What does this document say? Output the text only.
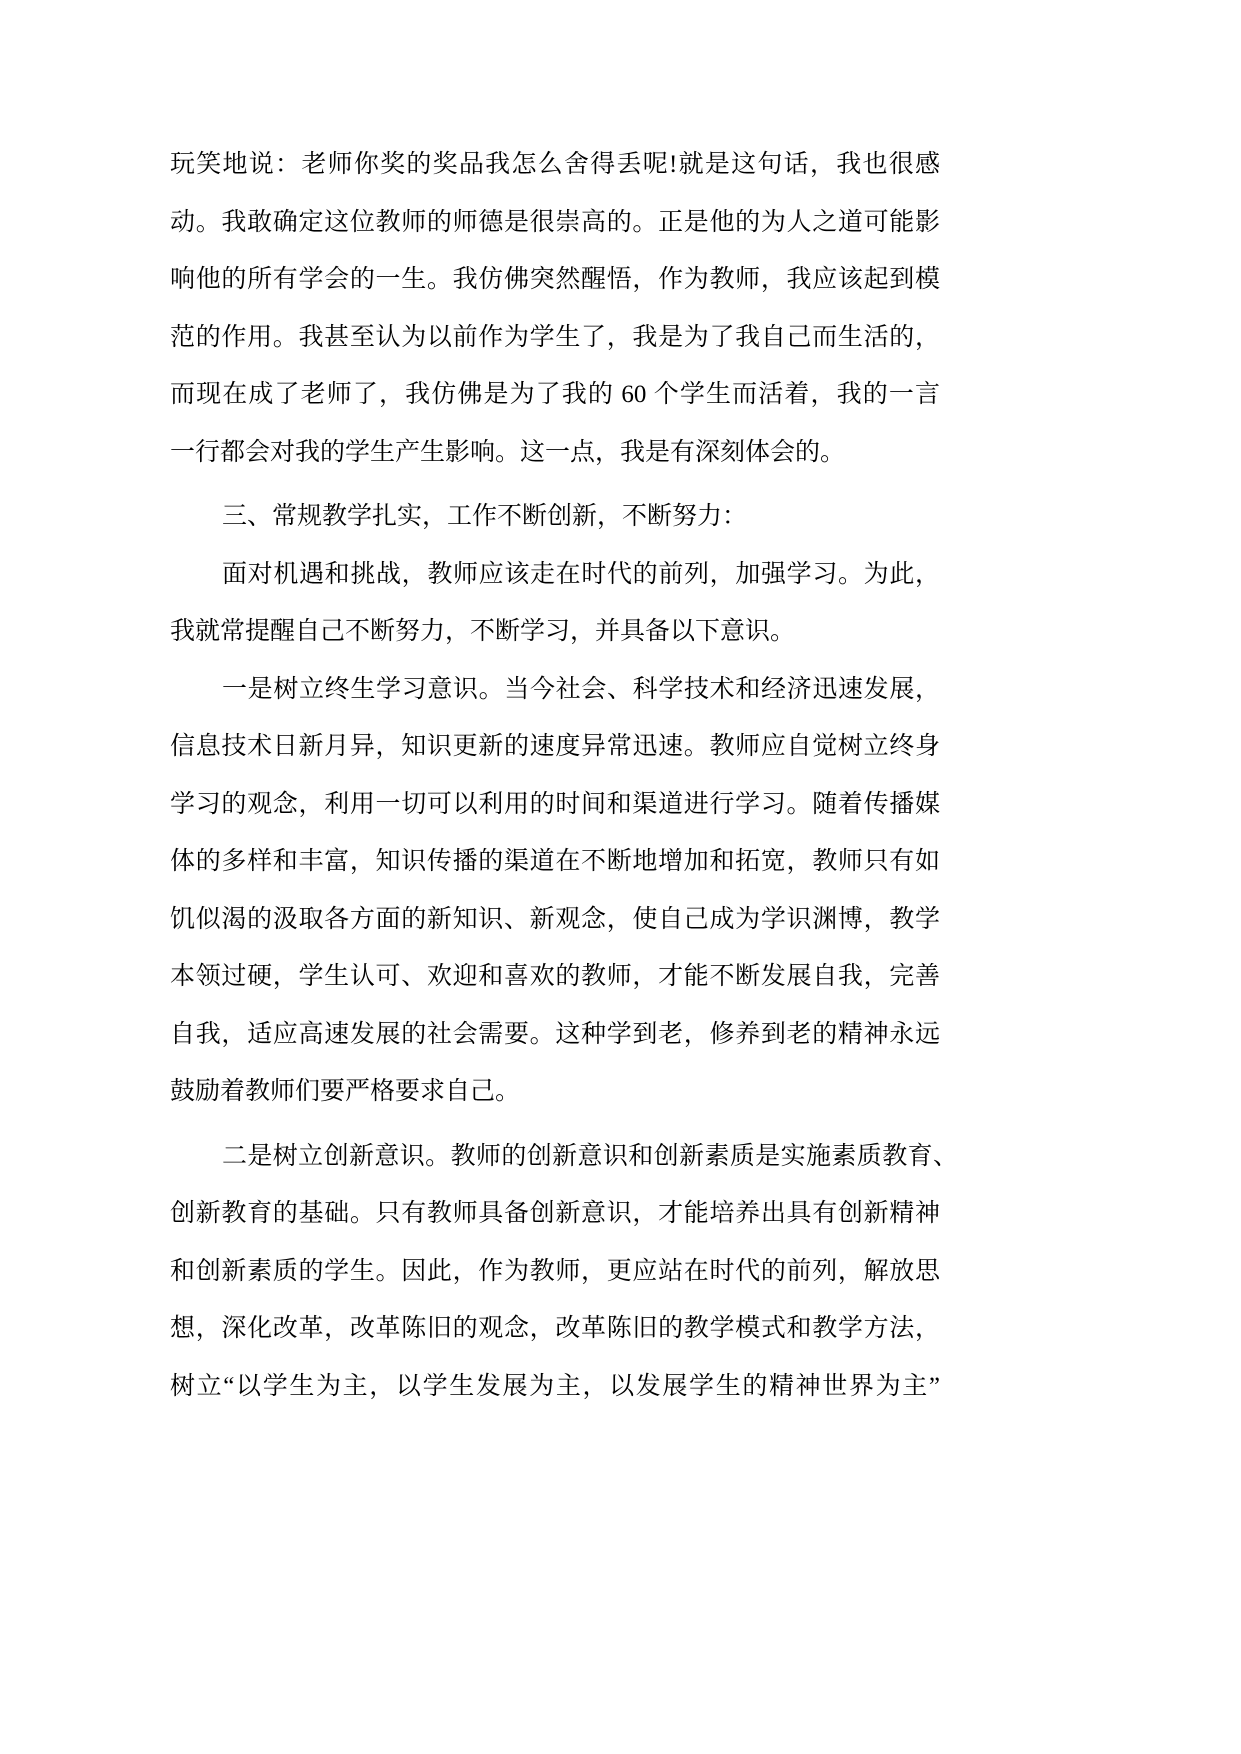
玩笑地说：老师你奖的奖品我怎么舍得丢呢!就是这句话，我也很感
动。我敢确定这位教师的师德是很崇高的。正是他的为人之道可能影
响他的所有学会的一生。我仿佛突然醒悟，作为教师，我应该起到模
范的作用。我甚至认为以前作为学生了，我是为了我自己而生活的，
而现在成了老师了，我仿佛是为了我的 60 个学生而活着，我的一言
一行都会对我的学生产生影响。这一点，我是有深刻体会的。
三、常规教学扎实，工作不断创新，不断努力：
面对机遇和挑战，教师应该走在时代的前列，加强学习。为此，
我就常提醒自己不断努力，不断学习，并具备以下意识。
一是树立终生学习意识。当今社会、科学技术和经济迅速发展，
信息技术日新月异，知识更新的速度异常迅速。教师应自觉树立终身
学习的观念，利用一切可以利用的时间和渠道进行学习。随着传播媒
体的多样和丰富，知识传播的渠道在不断地增加和拓宽，教师只有如
饥似渴的汲取各方面的新知识、新观念，使自己成为学识渊博，教学
本领过硬，学生认可、欢迎和喜欢的教师，才能不断发展自我，完善
自我，适应高速发展的社会需要。这种学到老，修养到老的精神永远
鼓励着教师们要严格要求自己。
二是树立创新意识。教师的创新意识和创新素质是实施素质教育、
创新教育的基础。只有教师具备创新意识，才能培养出具有创新精神
和创新素质的学生。因此，作为教师，更应站在时代的前列，解放思
想，深化改革，改革陈旧的观念，改革陈旧的教学模式和教学方法，
树立“以学生为主，以学生发展为主，以发展学生的精神世界为主”
